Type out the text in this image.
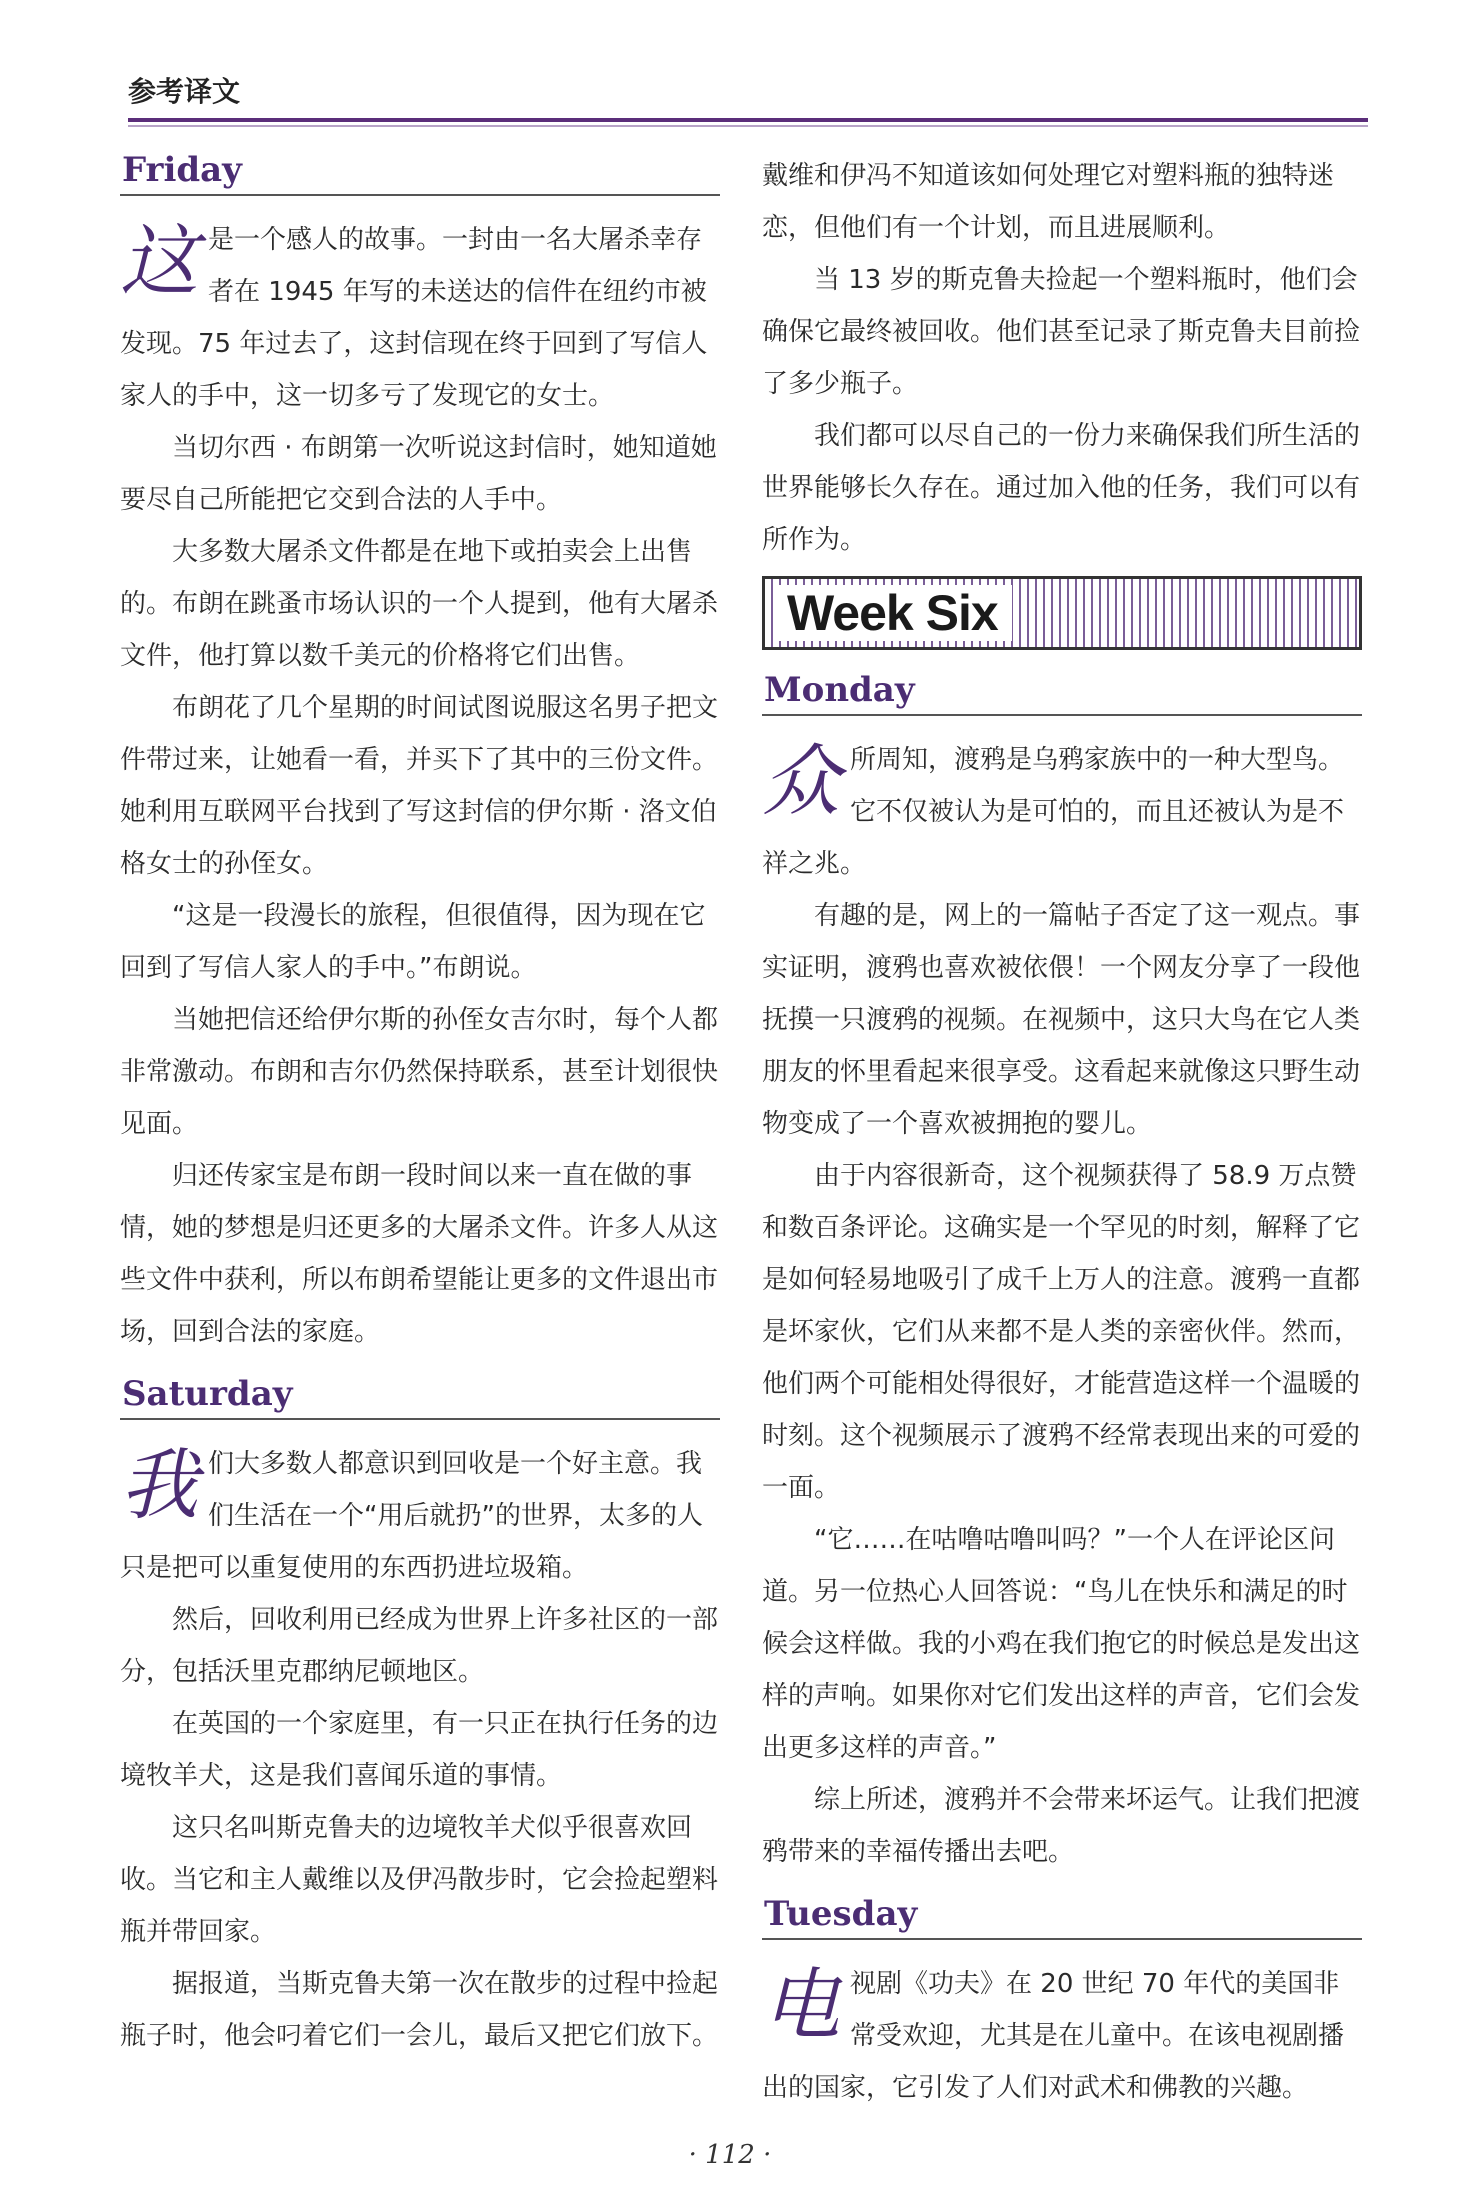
参考译文
Friday
这 是一个感人的故事。一封由一名大屠杀幸存者在 1945 年写的未送达的信件在纽约市被发现。75 年过去了，这封信现在终于回到了写信人家人的手中，这一切多亏了发现它的女士。

当切尔西 · 布朗第一次听说这封信时，她知道她要尽自己所能把它交到合法的人手中。

大多数大屠杀文件都是在地下或拍卖会上出售的。布朗在跳蚤市场认识的一个人提到，他有大屠杀文件，他打算以数千美元的价格将它们出售。

布朗花了几个星期的时间试图说服这名男子把文件带过来，让她看一看，并买下了其中的三份文件。她利用互联网平台找到了写这封信的伊尔斯 · 洛文伯格女士的孙侄女。

“这是一段漫长的旅程，但很值得，因为现在它回到了写信人家人的手中。”布朗说。

当她把信还给伊尔斯的孙侄女吉尔时，每个人都非常激动。布朗和吉尔仍然保持联系，甚至计划很快见面。

归还传家宝是布朗一段时间以来一直在做的事情，她的梦想是归还更多的大屠杀文件。许多人从这些文件中获利，所以布朗希望能让更多的文件退出市场，回到合法的家庭。

Saturday
我 们大多数人都意识到回收是一个好主意。我们生活在一个“用后就扔”的世界，太多的人只是把可以重复使用的东西扔进垃圾箱。

然后，回收利用已经成为世界上许多社区的一部分，包括沃里克郡纳尼顿地区。

在英国的一个家庭里，有一只正在执行任务的边境牧羊犬，这是我们喜闻乐道的事情。

这只名叫斯克鲁夫的边境牧羊犬似乎很喜欢回收。当它和主人戴维以及伊冯散步时，它会捡起塑料瓶并带回家。

据报道，当斯克鲁夫第一次在散步的过程中捡起瓶子时，他会叼着它们一会儿，最后又把它们放下。

戴维和伊冯不知道该如何处理它对塑料瓶的独特迷恋，但他们有一个计划，而且进展顺利。

当 13 岁的斯克鲁夫捡起一个塑料瓶时，他们会确保它最终被回收。他们甚至记录了斯克鲁夫目前捡了多少瓶子。

我们都可以尽自己的一份力来确保我们所生活的世界能够长久存在。通过加入他的任务，我们可以有所作为。

Week Six
Monday
众 所周知，渡鸦是乌鸦家族中的一种大型鸟。它不仅被认为是可怕的，而且还被认为是不祥之兆。

有趣的是，网上的一篇帖子否定了这一观点。事实证明，渡鸦也喜欢被依偎！一个网友分享了一段他抚摸一只渡鸦的视频。在视频中，这只大鸟在它人类朋友的怀里看起来很享受。这看起来就像这只野生动物变成了一个喜欢被拥抱的婴儿。

由于内容很新奇，这个视频获得了 58.9 万点赞和数百条评论。这确实是一个罕见的时刻，解释了它是如何轻易地吸引了成千上万人的注意。渡鸦一直都是坏家伙，它们从来都不是人类的亲密伙伴。然而，他们两个可能相处得很好，才能营造这样一个温暖的时刻。这个视频展示了渡鸦不经常表现出来的可爱的一面。

“它……在咕噜咕噜叫吗？”一个人在评论区问道。另一位热心人回答说：“鸟儿在快乐和满足的时候会这样做。我的小鸡在我们抱它的时候总是发出这样的声响。如果你对它们发出这样的声音，它们会发出更多这样的声音。”

综上所述，渡鸦并不会带来坏运气。让我们把渡鸦带来的幸福传播出去吧。

Tuesday
电 视剧《功夫》在 20 世纪 70 年代的美国非常受欢迎，尤其是在儿童中。在该电视剧播出的国家，它引发了人们对武术和佛教的兴趣。

· 112 ·
